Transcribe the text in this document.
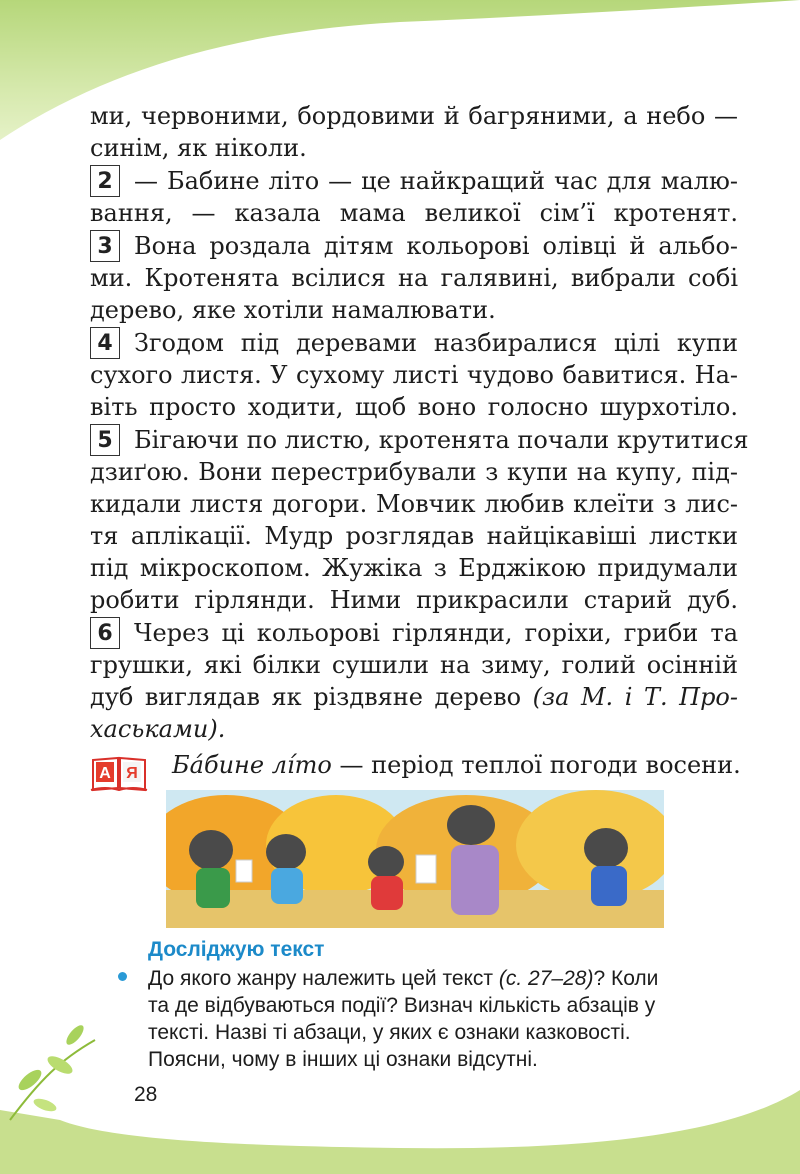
ми, червоними, бордовими й багряними, а небо —
синім, як ніколи.
2 — Бабине літо — це найкращий час для малю-
вання, — казала мама великої сім’ї кротенят.
3 Вона роздала дітям кольорові олівці й альбо-
ми. Кротенята всілися на галявині, вибрали собі
дерево, яке хотіли намалювати.
4 Згодом під деревами назбиралися цілі купи
сухого листя. У сухому листі чудово бавитися. На-
віть просто ходити, щоб воно голосно шурхотіло.
5 Бігаючи по листю, кротенята почали крутитися
дзиґою. Вони перестрибували з купи на купу, під-
кидали листя догори. Мовчик любив клеїти з лис-
тя аплікації. Мудр розглядав найцікавіші листки
під мікроскопом. Жужіка з Ерджікою придумали
робити гірлянди. Ними прикрасили старий дуб.
6 Через ці кольорові гірлянди, горіхи, гриби та
грушки, які білки сушили на зиму, голий осінній
дуб виглядав як різдвяне дерево (за М. і Т. Про-
хаськами).
А Я Ба́бине лі́то — період теплої погоди восени.
Досліджую текст
До якого жанру належить цей текст (с. 27–28)? Коли
та де відбуваються події? Визнач кількість абзаців у
тексті. Назві ті абзаци, у яких є ознаки казковості.
Поясни, чому в інших ці ознаки відсутні.
28
